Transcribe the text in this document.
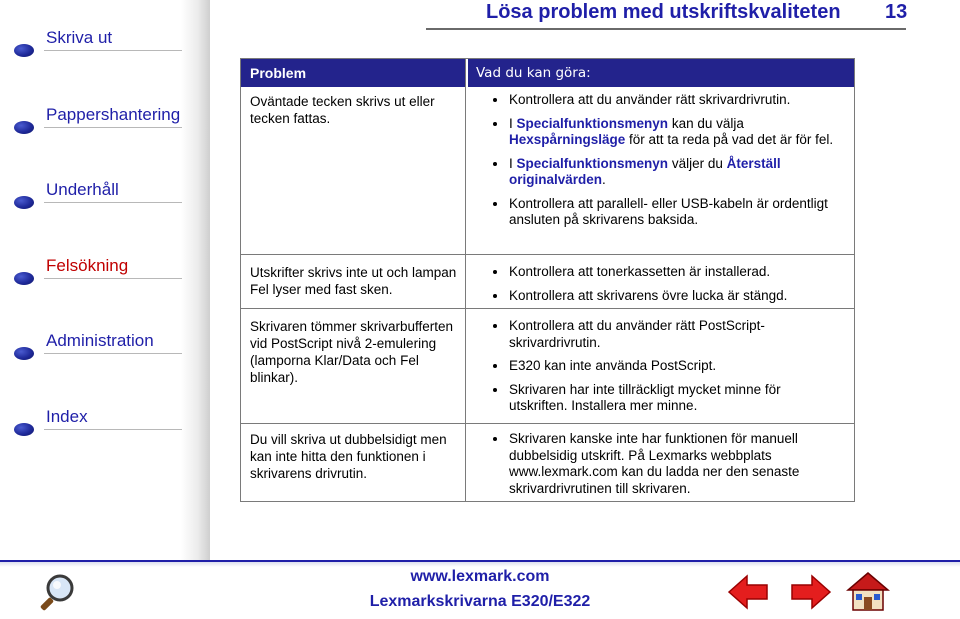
Skriva ut
Pappershantering
Underhåll
Felsökning
Administration
Index
Lösa problem med utskriftskvaliteten 13
Problem	Vad du kan göra:
Oväntade tecken skrivs ut eller tecken fattas.
Kontrollera att du använder rätt skrivardrivrutin.
I Specialfunktionsmenyn kan du välja Hexspårningsläge för att ta reda på vad det är för fel.
I Specialfunktionsmenyn väljer du Återställ originalvärden.
Kontrollera att parallell- eller USB-kabeln är ordentligt ansluten på skrivarens baksida.
Utskrifter skrivs inte ut och lampan Fel lyser med fast sken.
Kontrollera att tonerkassetten är installerad.
Kontrollera att skrivarens övre lucka är stängd.
Skrivaren tömmer skrivarbufferten vid PostScript nivå 2-emulering (lamporna Klar/Data och Fel blinkar).
Kontrollera att du använder rätt PostScript-skrivardrivrutin.
E320 kan inte använda PostScript.
Skrivaren har inte tillräckligt mycket minne för utskriften. Installera mer minne.
Du vill skriva ut dubbelsidigt men kan inte hitta den funktionen i skrivarens drivrutin.
Skrivaren kanske inte har funktionen för manuell dubbelsidig utskrift. På Lexmarks webbplats www.lexmark.com kan du ladda ner den senaste skrivardrivrutinen till skrivaren.
www.lexmark.com
Lexmarkskrivarna E320/E322
